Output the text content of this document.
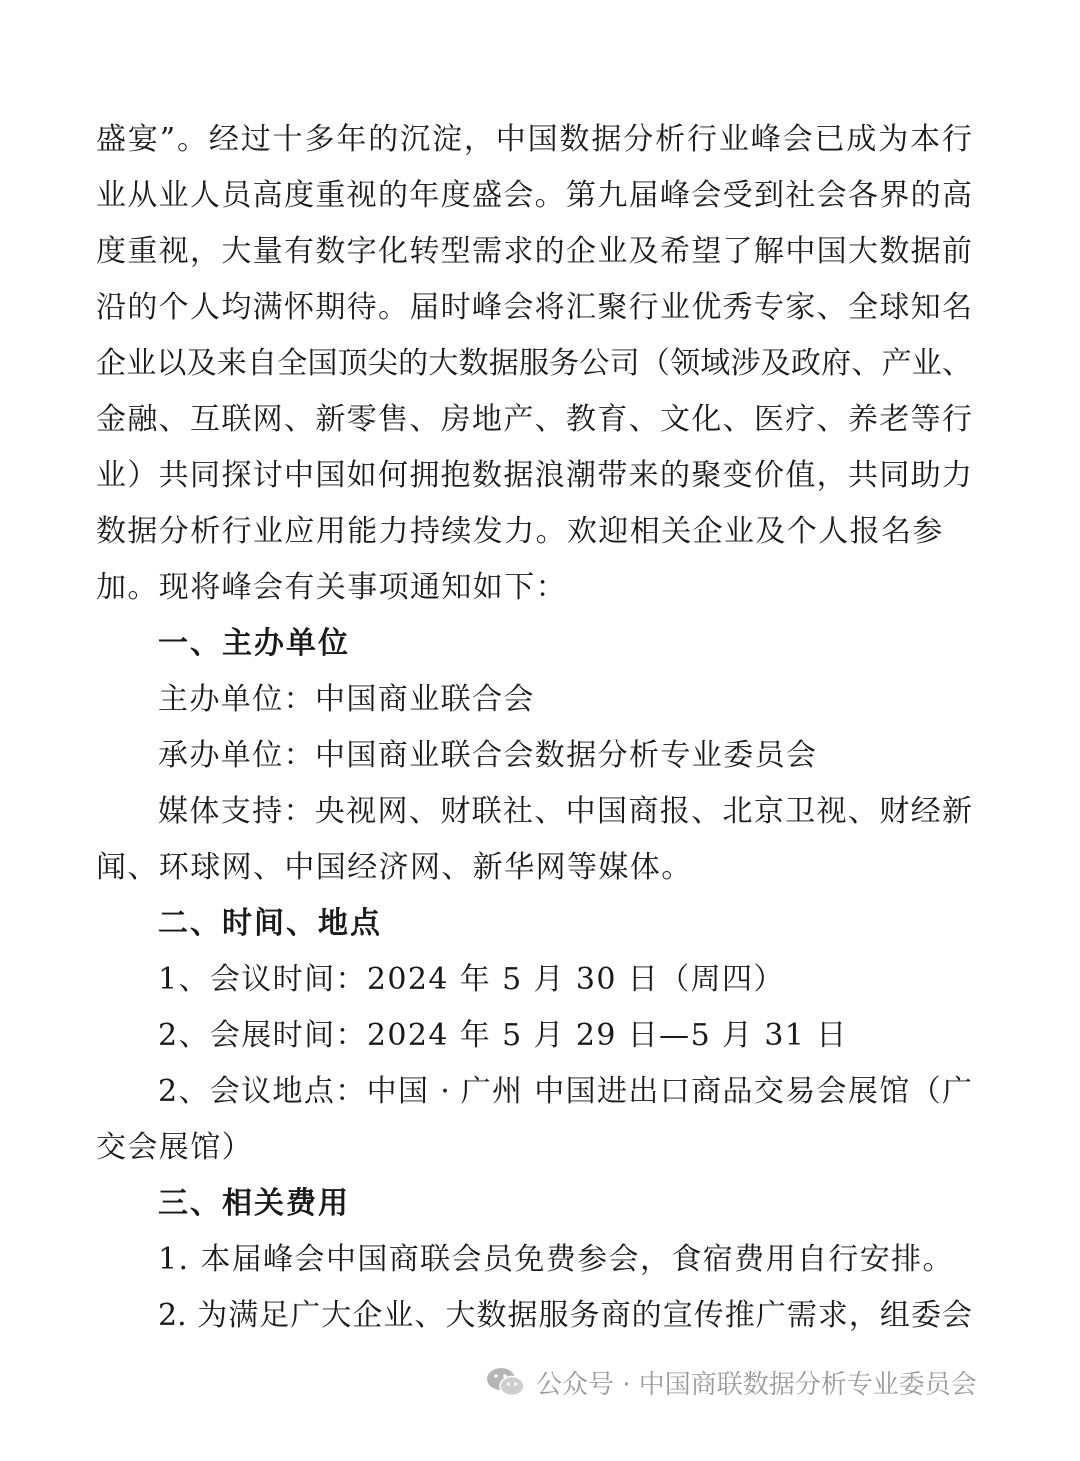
盛宴”。经过十多年的沉淀，中国数据分析行业峰会已成为本行
业从业人员高度重视的年度盛会。第九届峰会受到社会各界的高
度重视，大量有数字化转型需求的企业及希望了解中国大数据前
沿的个人均满怀期待。届时峰会将汇聚行业优秀专家、全球知名
企业以及来自全国顶尖的大数据服务公司（领域涉及政府、产业、
金融、互联网、新零售、房地产、教育、文化、医疗、养老等行
业）共同探讨中国如何拥抱数据浪潮带来的聚变价值，共同助力
数据分析行业应用能力持续发力。欢迎相关企业及个人报名参
加。现将峰会有关事项通知如下：
一、主办单位
主办单位：中国商业联合会
承办单位：中国商业联合会数据分析专业委员会
媒体支持：央视网、财联社、中国商报、北京卫视、财经新
闻、环球网、中国经济网、新华网等媒体。
二、时间、地点
1、会议时间：2024 年 5 月 30 日（周四）
2、会展时间：2024 年 5 月 29 日—5 月 31 日
2、会议地点：中国 · 广州 中国进出口商品交易会展馆（广
交会展馆）
三、相关费用
1. 本届峰会中国商联会员免费参会，食宿费用自行安排。
2. 为满足广大企业、大数据服务商的宣传推广需求，组委会
公众号 · 中国商联数据分析专业委员会
